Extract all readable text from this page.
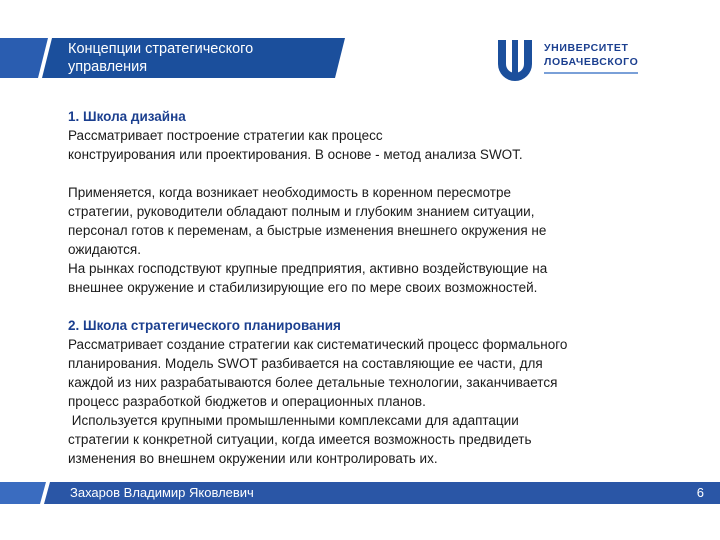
Концепции стратегического
управления
УНИВЕРСИТЕТ
ЛОБАЧЕВСКОГО

1. Школа дизайна

Рассматривает построение стратегии как процесс

конструирования или проектирования. В основе - метод анализа SWOT.

Применяется, когда возникает необходимость в коренном пересмотре

стратегии, руководители обладают полным и глубоким знанием ситуации,

персонал готов к переменам, а быстрые изменения внешнего окружения не

ожидаются.

На рынках господствуют крупные предприятия, активно воздействующие на

внешнее окружение и стабилизирующие его по мере своих возможностей.

2. Школа стратегического планирования

Рассматривает создание стратегии как систематический процесс формального

планирования. Модель SWOT разбивается на составляющие ее части, для

каждой из них разрабатываются более детальные технологии, заканчивается

процесс разработкой бюджетов и операционных планов.

Используется крупными промышленными комплексами для адаптации

стратегии к конкретной ситуации, когда имеется возможность предвидеть

изменения во внешнем окружении или контролировать их.

Захаров Владимир Яковлевич	6
